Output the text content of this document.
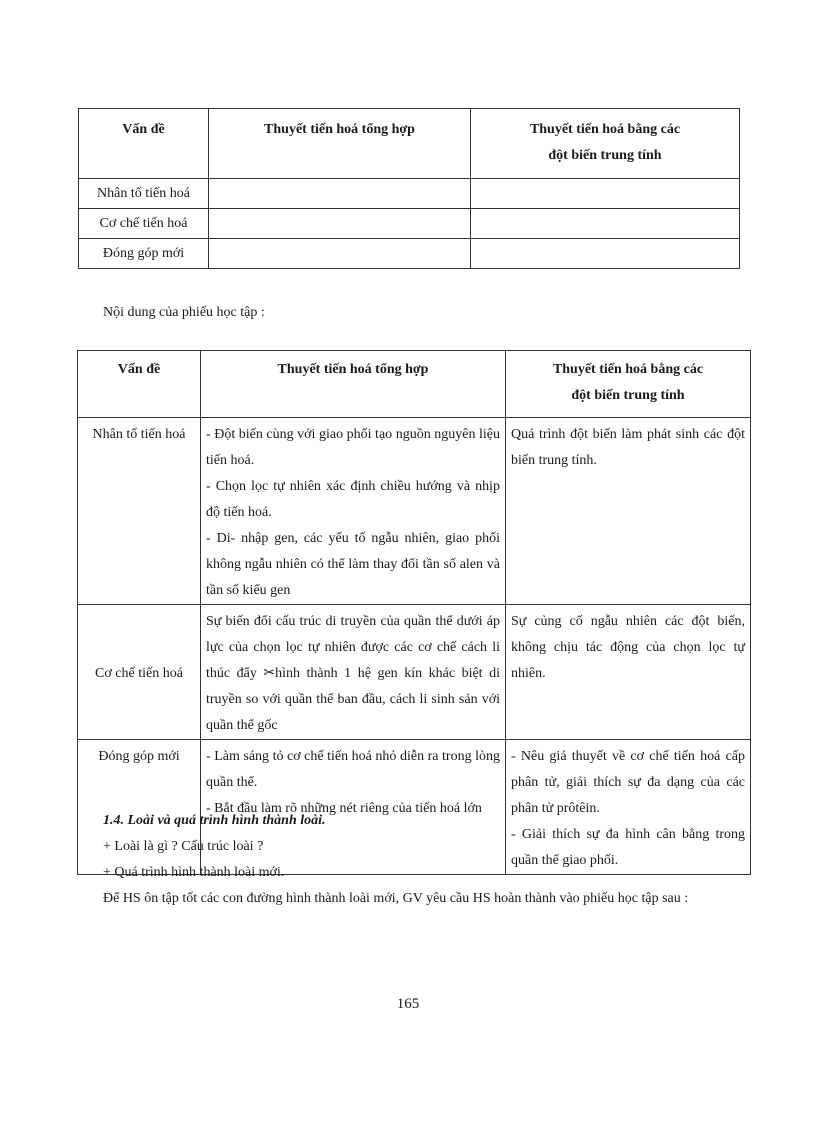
Vấn đề	Thuyết tiến hoá tổng hợp	Thuyết tiến hoá bằng các
đột biến trung tính
Nhân tố tiến hoá		
Cơ chế tiến hoá		
Đóng góp mới		
Nội dung của phiếu học tập :
Vấn đề	Thuyết tiến hoá tổng hợp	Thuyết tiến hoá bằng các
đột biến trung tính
Nhân tố tiến hoá	- Đột biến cùng với giao phối tạo nguồn nguyên liệu tiến hoá.
- Chọn lọc tự nhiên xác định chiều hướng và nhịp độ tiến hoá.
- Di- nhập gen, các yếu tố ngẫu nhiên, giao phối không ngẫu nhiên có thể làm thay đổi tần số alen và tần số kiểu gen	Quá trình đột biến làm phát sinh các đột biến trung tính.

Cơ chế tiến hoá	Sự biến đổi cấu trúc di truyền của quần thể dưới áp lực của chọn lọc tự nhiên được các cơ chế cách li thúc đẩy ✂hình thành 1 hệ gen kín khác biệt di truyền so với quần thể ban đầu, cách li sinh sản với quần thể gốc	Sự củng cố ngẫu nhiên các đột biến, không chịu tác động của chọn lọc tự nhiên.

Đóng góp mới	- Làm sáng tỏ cơ chế tiến hoá nhỏ diễn ra trong lòng quần thể.
- Bắt đầu làm rõ những nét riêng của tiến hoá lớn	- Nêu giả thuyết về cơ chế tiến hoá cấp phân tử, giải thích sự đa dạng của các phân tử prôtêin.
- Giải thích sự đa hình cân bằng trong quần thể giao phối.
1.4. Loài và quá trình hình thành loài.
+ Loài là gì ? Cấu trúc loài ?
+ Quá trình hình thành loài mới.
Để HS ôn tập tốt các con đường hình thành loài mới, GV yêu cầu HS hoàn thành vào phiếu học tập sau :
165
